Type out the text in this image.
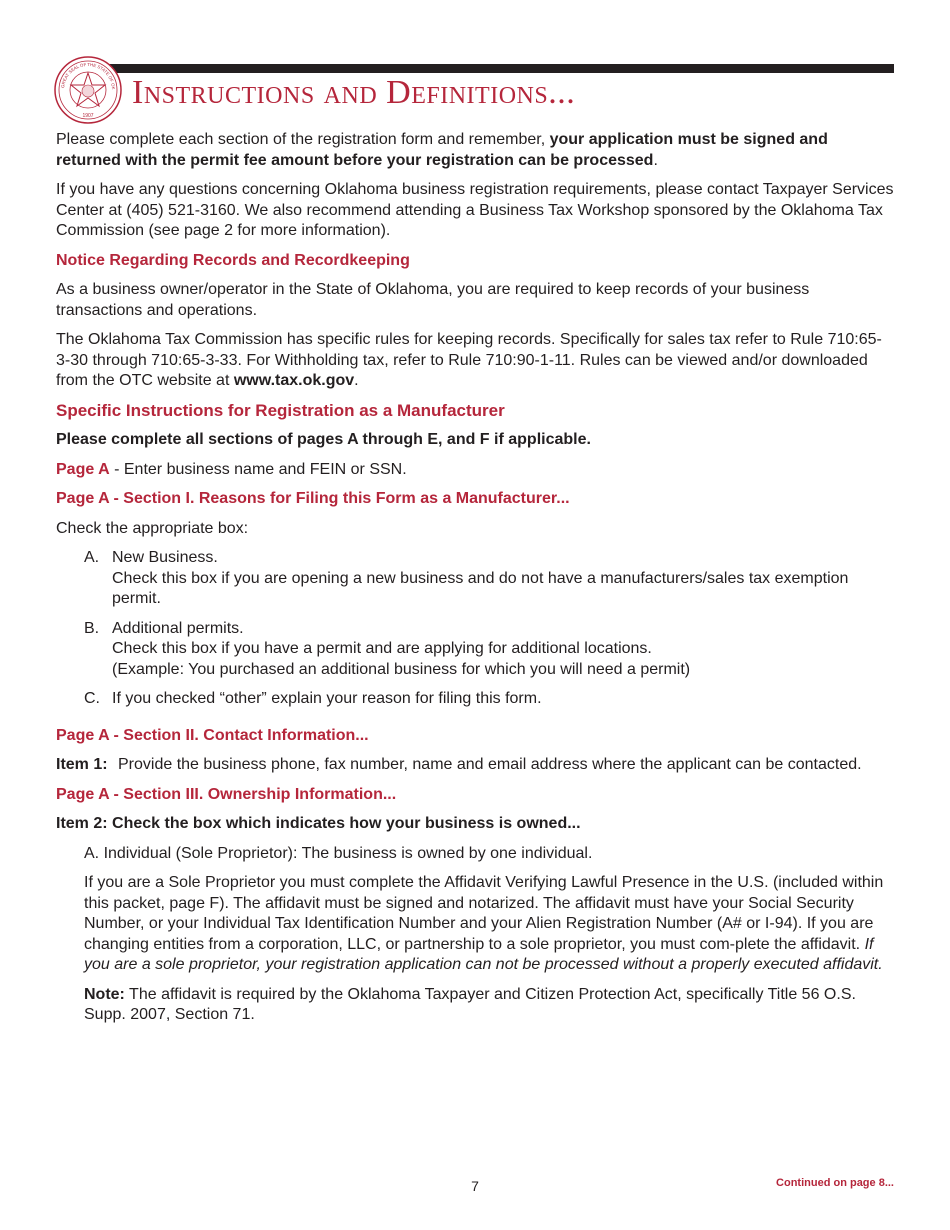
GREAT SEAL OF THE STATE OF OK
1907
Instructions and Definitions...

Please complete each section of the registration form and remember, your application must be signed and returned with the permit fee amount before your registration can be processed.

If you have any questions concerning Oklahoma business registration requirements, please contact Taxpayer Services Center at (405) 521-3160. We also recommend attending a Business Tax Workshop sponsored by the Oklahoma Tax Commission (see page 2 for more information).

Notice Regarding Records and Recordkeeping

As a business owner/operator in the State of Oklahoma, you are required to keep records of your business transactions and operations.

The Oklahoma Tax Commission has specific rules for keeping records. Specifically for sales tax refer to Rule 710:65-3-30 through 710:65-3-33. For Withholding tax, refer to Rule 710:90-1-11. Rules can be viewed and/or downloaded from the OTC website at www.tax.ok.gov.

Specific Instructions for Registration as a Manufacturer

Please complete all sections of pages A through E, and F if applicable.

Page A - Enter business name and FEIN or SSN.

Page A - Section I. Reasons for Filing this Form as a Manufacturer...

Check the appropriate box:

A. New Business.
Check this box if you are opening a new business and do not have a manufacturers/sales tax exemption permit.
B. Additional permits.
Check this box if you have a permit and are applying for additional locations.
(Example: You purchased an additional business for which you will need a permit)
C. If you checked “other” explain your reason for filing this form.

Page A - Section II. Contact Information...

Item 1: Provide the business phone, fax number, name and email address where the applicant can be contacted.

Page A - Section III. Ownership Information...

Item 2: Check the box which indicates how your business is owned...

A. Individual (Sole Proprietor): The business is owned by one individual.

If you are a Sole Proprietor you must complete the Affidavit Verifying Lawful Presence in the U.S. (included within this packet, page F). The affidavit must be signed and notarized. The affidavit must have your Social Security Number, or your Individual Tax Identification Number and your Alien Registration Number (A# or I-94). If you are changing entities from a corporation, LLC, or partnership to a sole proprietor, you must com-plete the affidavit. If you are a sole proprietor, your registration application can not be processed without a properly executed affidavit.

Note: The affidavit is required by the Oklahoma Taxpayer and Citizen Protection Act, specifically Title 56 O.S. Supp. 2007, Section 71.

7	Continued on page 8...
